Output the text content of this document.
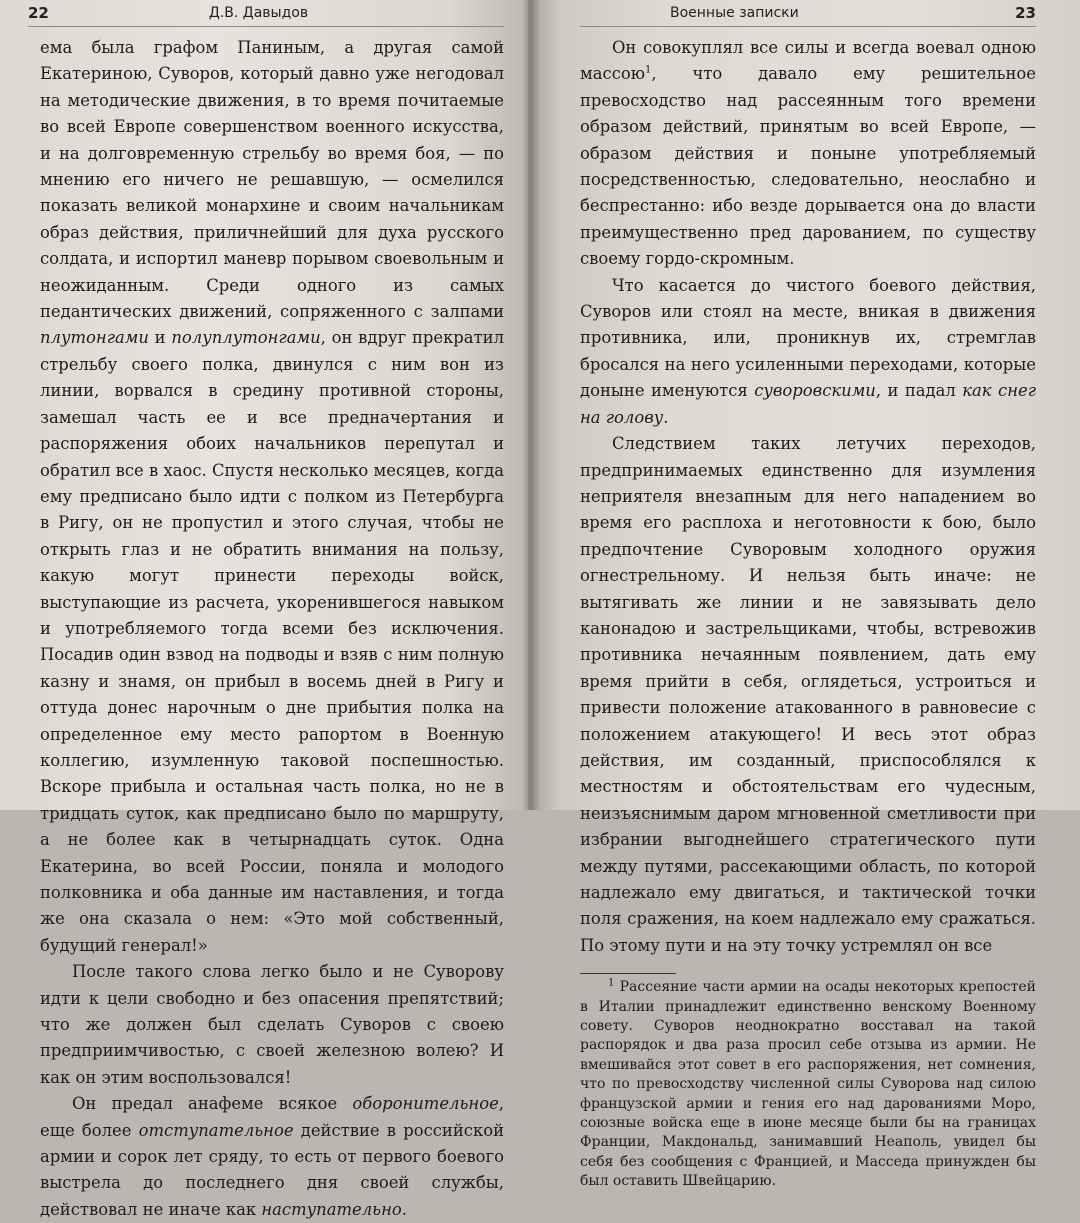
22	Д.В. Давыдов

ема была графом Паниным, а другая самой Екатериною, Суворов, который давно уже негодовал на методические движения, в то время почитаемые во всей Европе совершенством военного искусства, и на долговременную стрельбу во время боя, — по мнению его ничего не решавшую, — осмелился показать великой монархине и своим начальникам образ действия, приличнейший для духа русского солдата, и испортил маневр порывом своевольным и неожиданным. Среди одного из самых педантических движений, сопряженного с залпами плутонгами и полуплутонгами, он вдруг прекратил стрельбу своего полка, двинулся с ним вон из линии, ворвался в средину противной стороны, замешал часть ее и все предначертания и распоряжения обоих начальников перепутал и обратил все в хаос. Спустя несколько месяцев, когда ему предписано было идти с полком из Петербурга в Ригу, он не пропустил и этого случая, чтобы не открыть глаз и не обратить внимания на пользу, какую могут принести переходы войск, выступающие из расчета, укоренившегося навыком и употребляемого тогда всеми без исключения. Посадив один взвод на подводы и взяв с ним полную казну и знамя, он прибыл в восемь дней в Ригу и оттуда донес нарочным о дне прибытия полка на определенное ему место рапортом в Военную коллегию, изумленную таковой поспешностью. Вскоре прибыла и остальная часть полка, но не в тридцать суток, как предписано было по маршруту, а не более как в четырнадцать суток. Одна Екатерина, во всей России, поняла и молодого полковника и оба данные им наставления, и тогда же она сказала о нем: «Это мой собственный, будущий генерал!»

После такого слова легко было и не Суворову идти к цели свободно и без опасения препятствий; что же должен был сделать Суворов с своею предприимчивостью, с своей железною волею? И как он этим воспользовался!

Он предал анафеме всякое оборонительное, еще более отступательное действие в российской армии и сорок лет сряду, то есть от первого боевого выстрела до последнего дня своей службы, действовал не иначе как наступательно.

Военные записки	23

Он совокуплял все силы и всегда воевал одною массою$^1$, что давало ему решительное превосходство над рассеянным того времени образом действий, принятым во всей Европе, — образом действия и поныне употребляемый посредственностью, следовательно, неослабно и беспрестанно: ибо везде дорывается она до власти преимущественно пред дарованием, по существу своему гордо-скромным.

Что касается до чистого боевого действия, Суворов или стоял на месте, вникая в движения противника, или, проникнув их, стремглав бросался на него усиленными переходами, которые доныне именуются суворовскими, и падал как снег на голову.

Следствием таких летучих переходов, предпринимаемых единственно для изумления неприятеля внезапным для него нападением во время его расплоха и неготовности к бою, было предпочтение Суворовым холодного оружия огнестрельному. И нельзя быть иначе: не вытягивать же линии и не завязывать дело канонадою и застрельщиками, чтобы, встревожив противника нечаянным появлением, дать ему время прийти в себя, оглядеться, устроиться и привести положение атакованного в равновесие с положением атакующего! И весь этот образ действия, им созданный, приспособлялся к местностям и обстоятельствам его чудесным, неизъяснимым даром мгновенной сметливости при избрании выгоднейшего стратегического пути между путями, рассекающими область, по которой надлежало ему двигаться, и тактической точки поля сражения, на коем надлежало ему сражаться. По этому пути и на эту точку устремлял он все

$^1$ Рассеяние части армии на осады некоторых крепостей в Италии принадлежит единственно венскому Военному совету. Суворов неоднократно восставал на такой распорядок и два раза просил себе отзыва из армии. Не вмешивайся этот совет в его распоряжения, нет сомнения, что по превосходству численной силы Суворова над силою французской армии и гения его над дарованиями Моро, союзные войска еще в июне месяце были бы на границах Франции, Макдональд, занимавший Неаполь, увидел бы себя без сообщения с Францией, и Масседа принужден бы был оставить Швейцарию.
